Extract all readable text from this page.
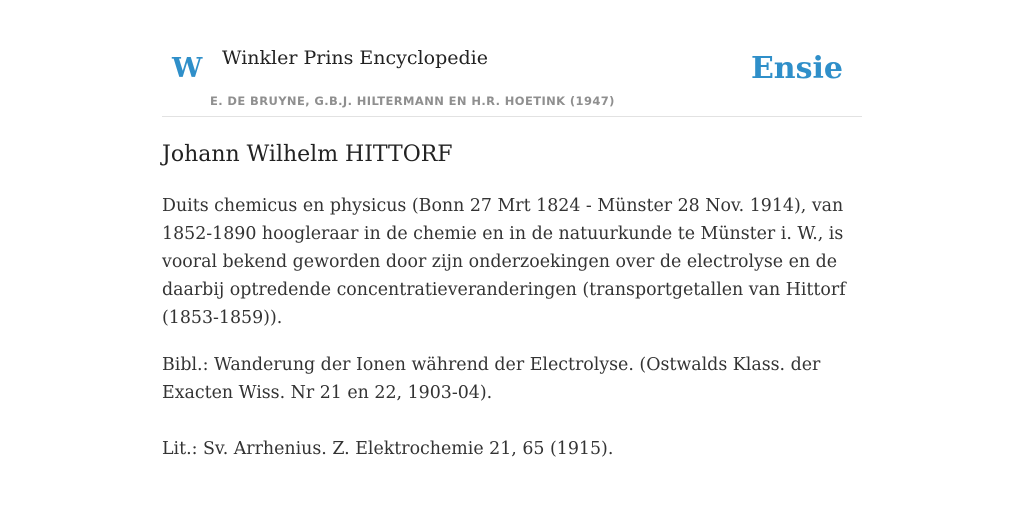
W Winkler Prins Encyclopedie
E. DE BRUYNE, G.B.J. HILTERMANN EN H.R. HOETINK (1947)
Ensie
Johann Wilhelm HITTORF

Duits chemicus en physicus (Bonn 27 Mrt 1824 - Münster 28 Nov. 1914), van 1852-1890 hoogleraar in de chemie en in de natuurkunde te Münster i. W., is vooral bekend geworden door zijn onderzoekingen over de electrolyse en de daarbij optredende concentratieveranderingen (transportgetallen van Hittorf (1853-1859)).

Bibl.: Wanderung der Ionen während der Electrolyse. (Ostwalds Klass. der Exacten Wiss. Nr 21 en 22, 1903-04).

Lit.: Sv. Arrhenius. Z. Elektrochemie 21, 65 (1915).
